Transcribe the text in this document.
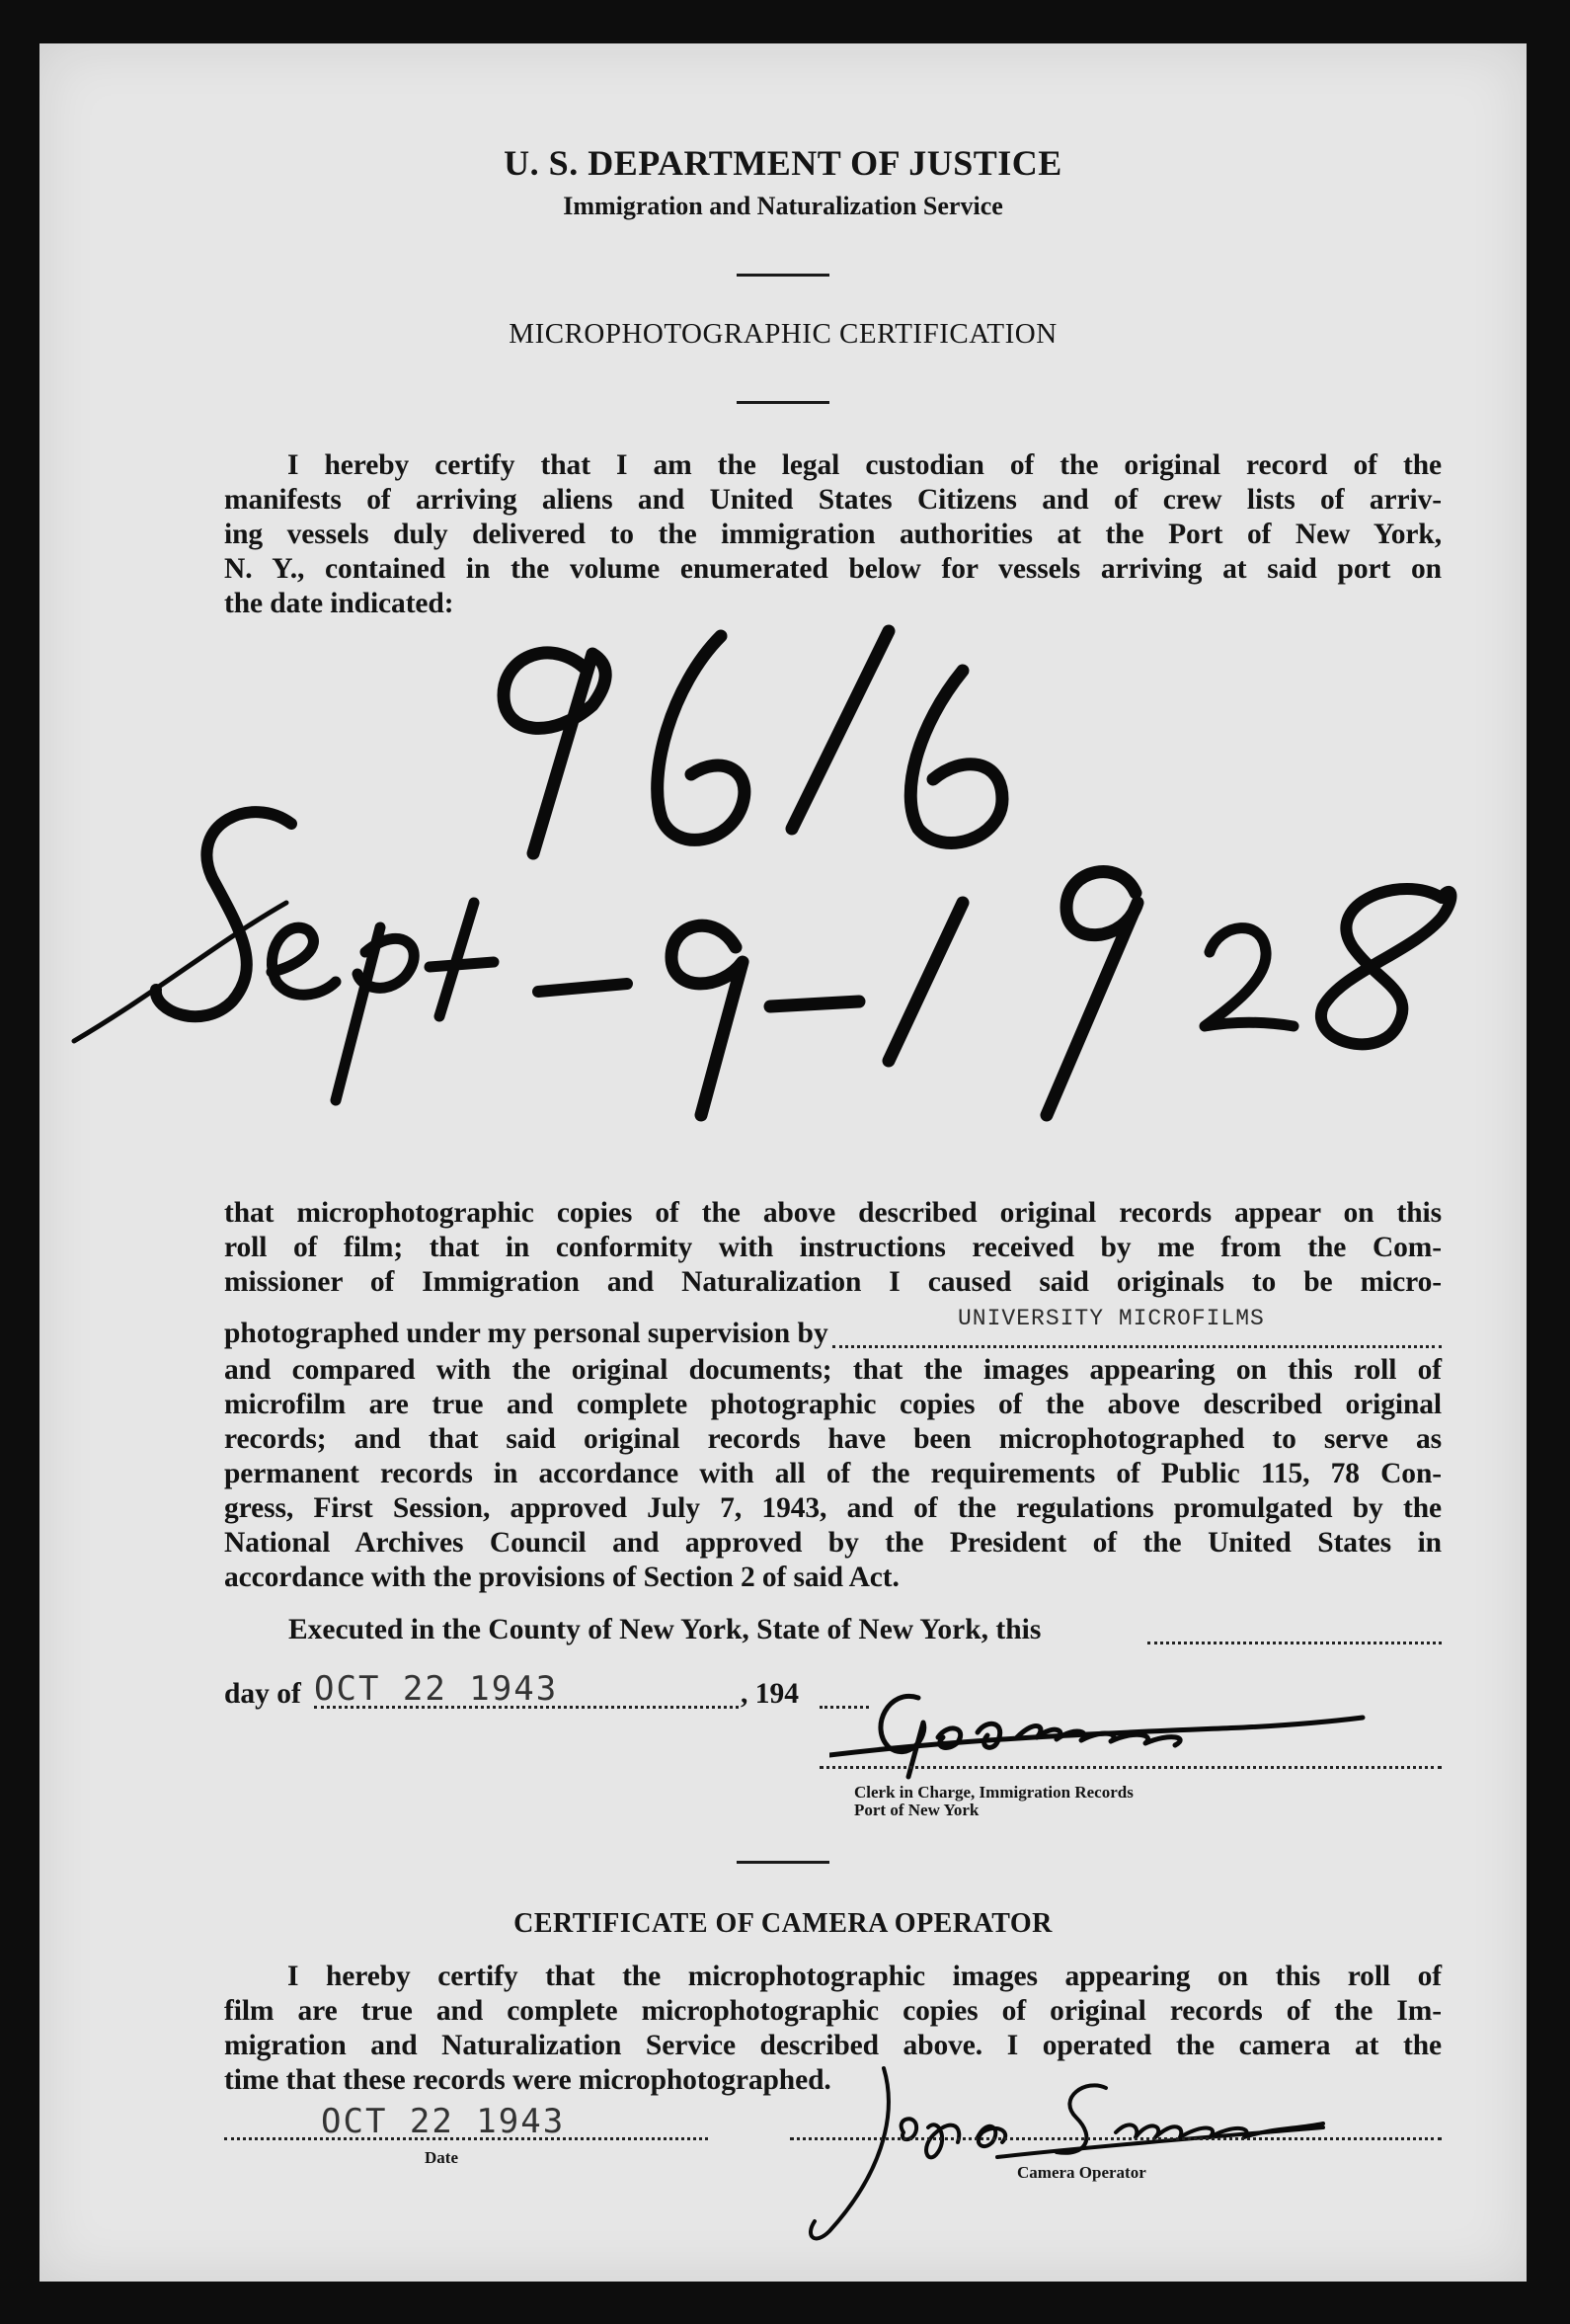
U. S. DEPARTMENT OF JUSTICE
Immigration and Naturalization Service
MICROPHOTOGRAPHIC CERTIFICATION
I hereby certify that I am the legal custodian of the original record of the
manifests of arriving aliens and United States Citizens and of crew lists of arriv-
ing vessels duly delivered to the immigration authorities at the Port of New York,
N. Y., contained in the volume enumerated below for vessels arriving at said port on
the date indicated:
that microphotographic copies of the above described original records appear on this
roll of film; that in conformity with instructions received by me from the Com-
missioner of Immigration and Naturalization I caused said originals to be micro-
photographed under my personal supervision by	UNIVERSITY MICROFILMS
and compared with the original documents; that the images appearing on this roll of
microfilm are true and complete photographic copies of the above described original
records; and that said original records have been microphotographed to serve as
permanent records in accordance with all of the requirements of Public 115, 78 Con-
gress, First Session, approved July 7, 1943, and of the regulations promulgated by the
National Archives Council and approved by the President of the United States in
accordance with the provisions of Section 2 of said Act.
Executed in the County of New York, State of New York, this
day of OCT 22 1943	, 194
Clerk in Charge, Immigration Records
Port of New York
CERTIFICATE OF CAMERA OPERATOR
I hereby certify that the microphotographic images appearing on this roll of
film are true and complete microphotographic copies of original records of the Im-
migration and Naturalization Service described above. I operated the camera at the
time that these records were microphotographed.
OCT 22 1943
Date
Camera Operator
